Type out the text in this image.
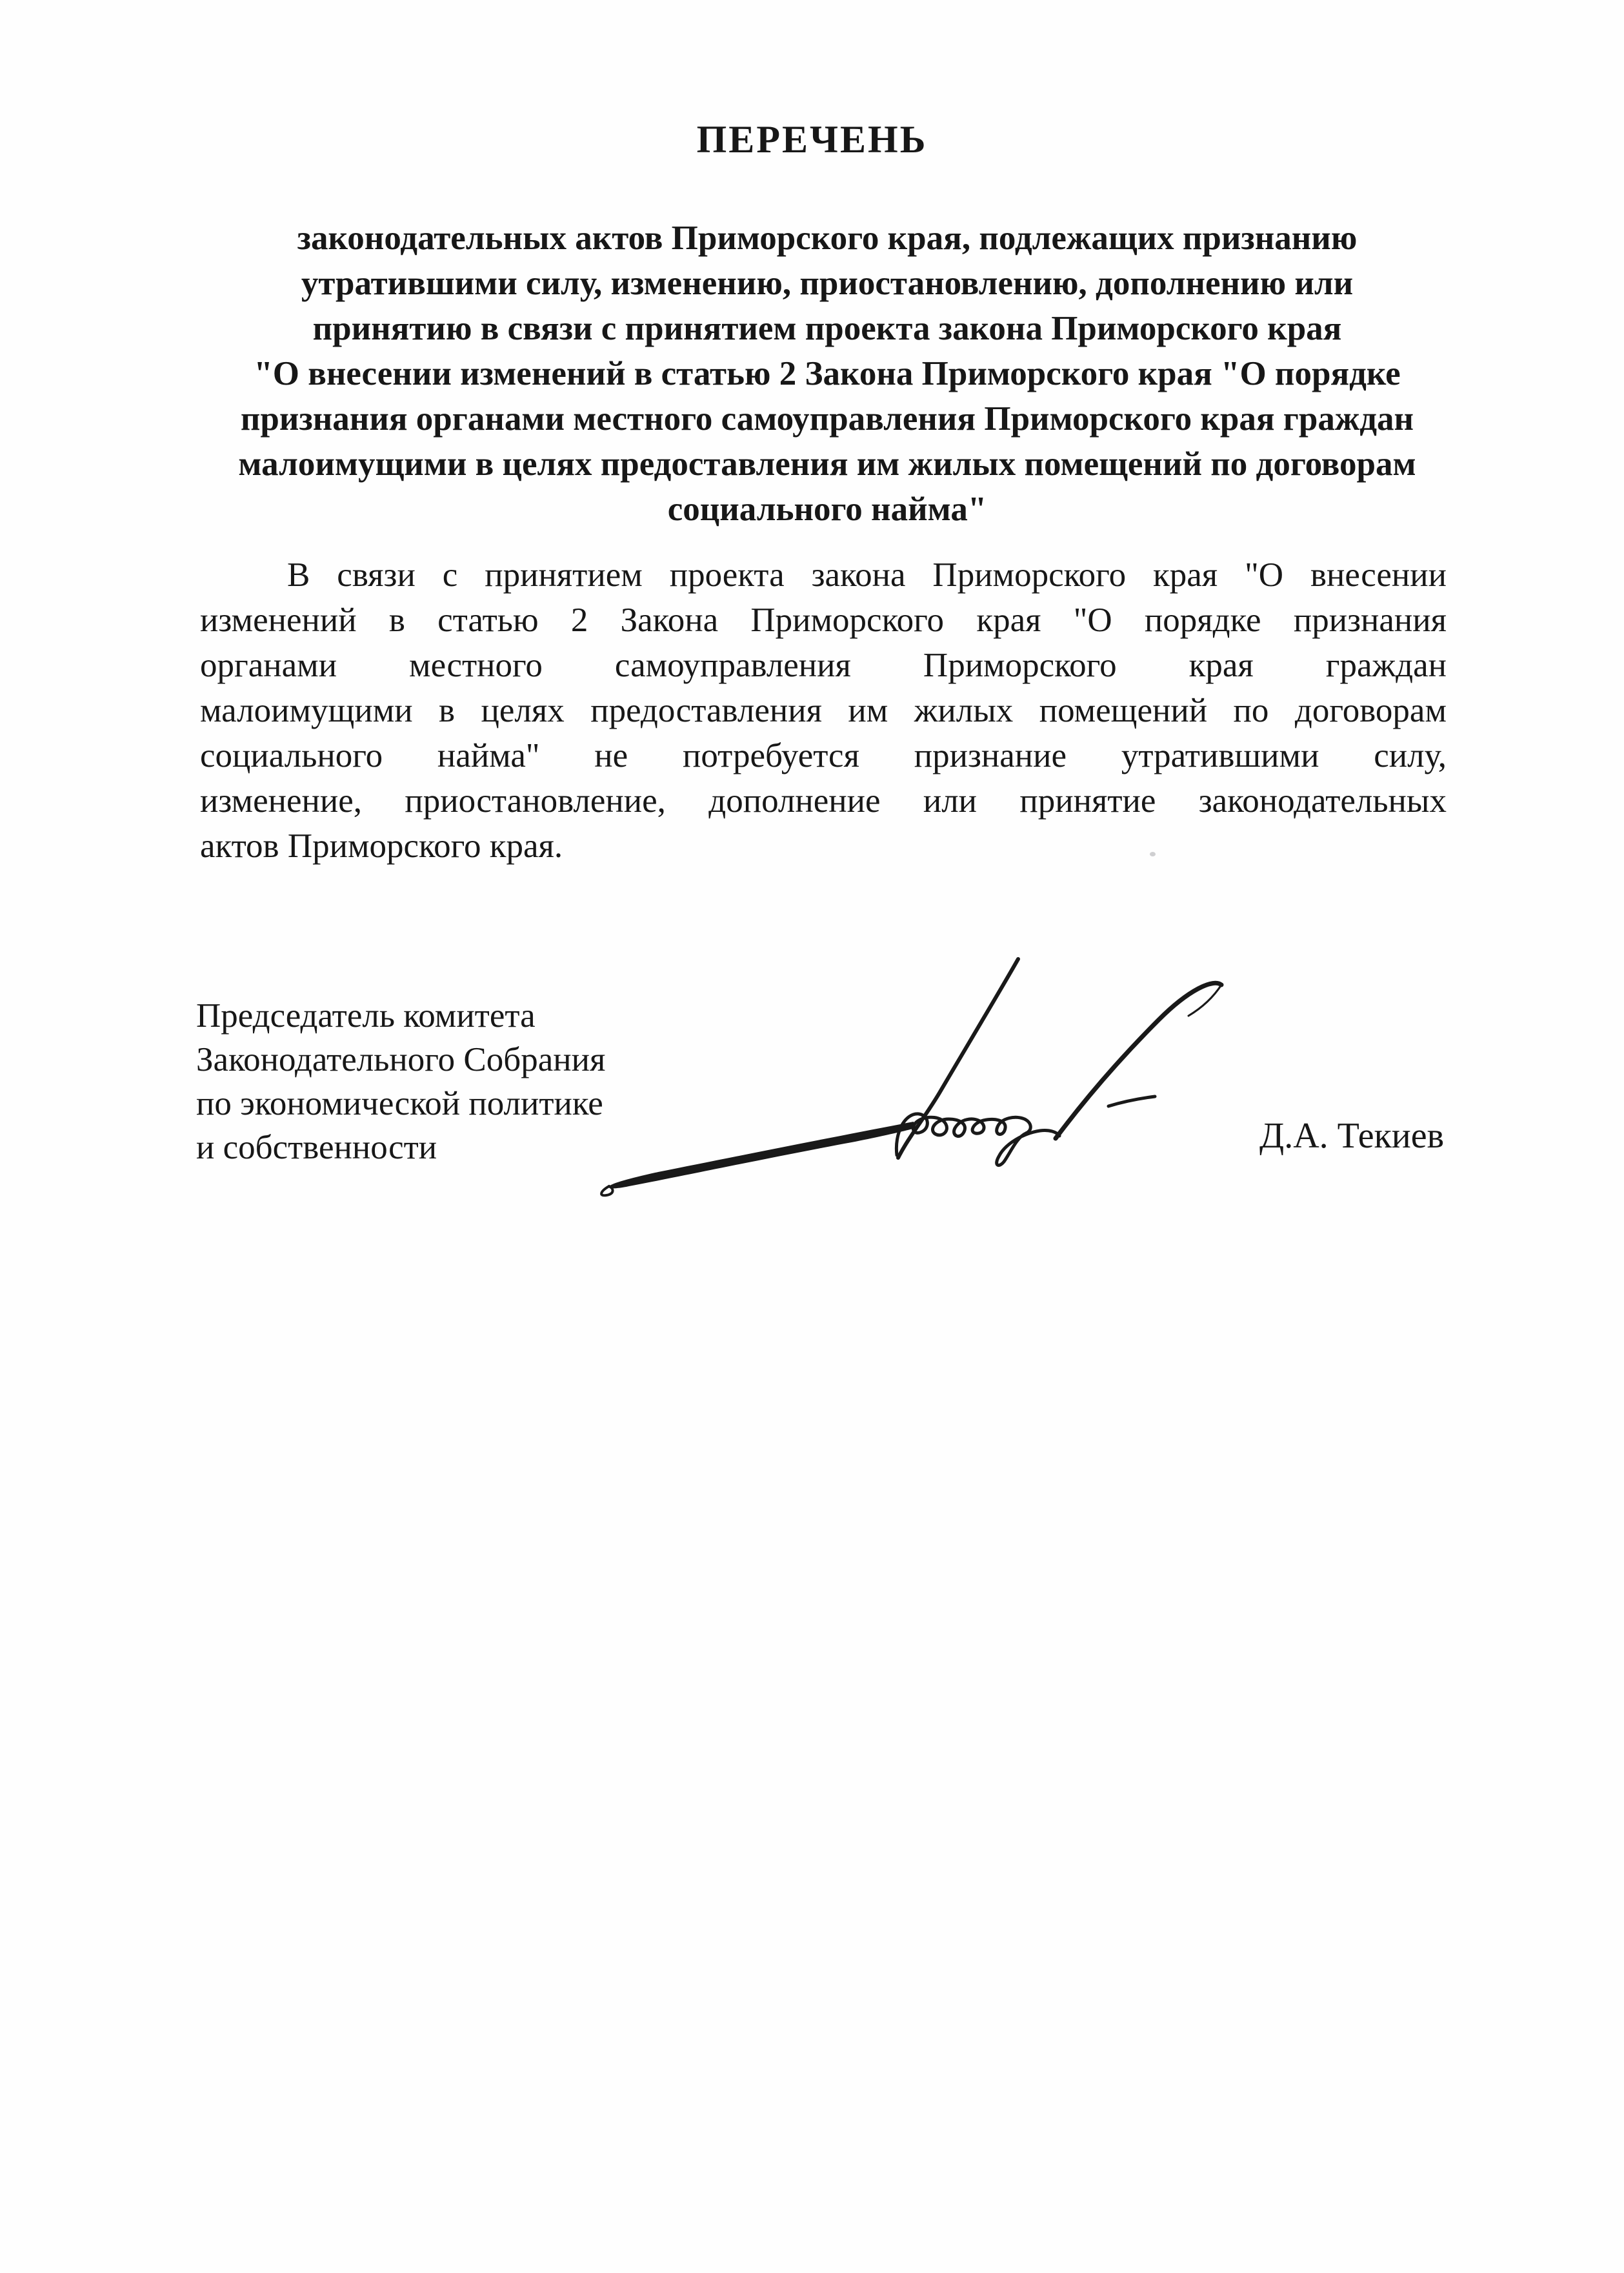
ПЕРЕЧЕНЬ
законодательных актов Приморского края, подлежащих признанию
утратившими силу, изменению, приостановлению, дополнению или
принятию в связи с принятием проекта закона Приморского края
"О внесении изменений в статью 2 Закона Приморского края "О порядке
признания органами местного самоуправления Приморского края граждан
малоимущими в целях предоставления им жилых помещений по договорам
социального найма"
В связи с принятием проекта закона Приморского края "О внесении
изменений в статью 2 Закона Приморского края "О порядке признания
органами местного самоуправления Приморского края граждан
малоимущими в целях предоставления им жилых помещений по договорам
социального найма" не потребуется признание утратившими силу,
изменение, приостановление, дополнение или принятие законодательных
актов Приморского края.
Председатель комитета
Законодательного Собрания
по экономической политике
и собственности	Д.А. Текиев
